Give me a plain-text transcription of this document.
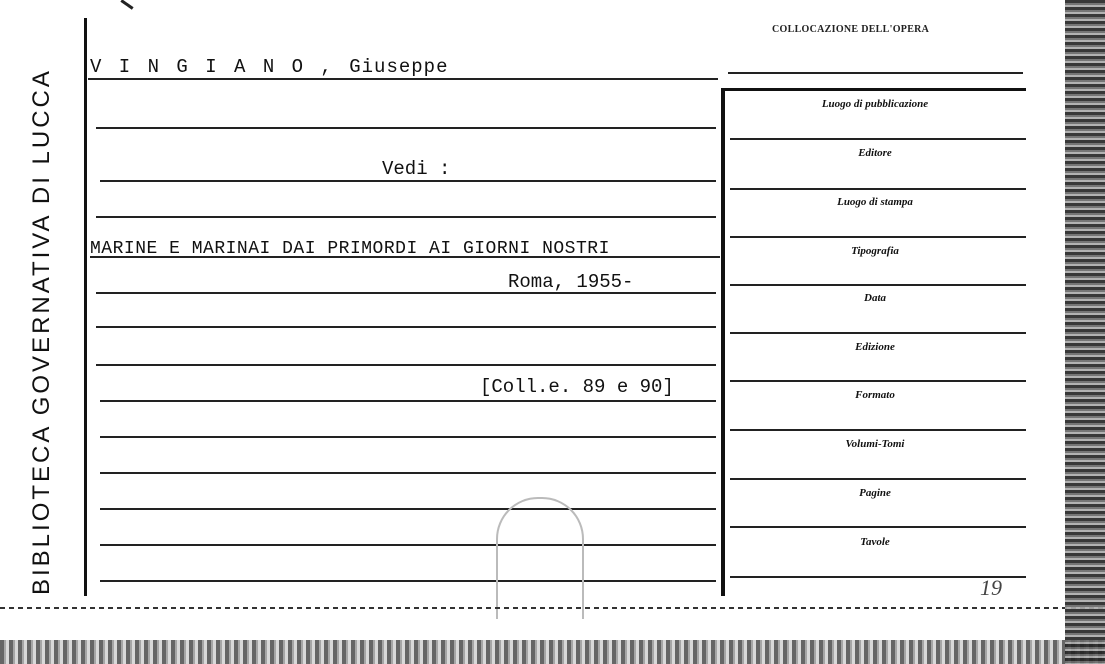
BIBLIOTECA GOVERNATIVA DI LUCCA
COLLOCAZIONE DELL'OPERA
V I N G I A N O , Giuseppe
Vedi :
MARINE E MARINAI DAI PRIMORDI AI GIORNI NOSTRI
Roma, 1955-
[Coll.e. 89 e 90]
Luogo di pubblicazione
Editore
Luogo di stampa
Tipografia
Data
Edizione
Formato
Volumi-Tomi
Pagine
Tavole
19
